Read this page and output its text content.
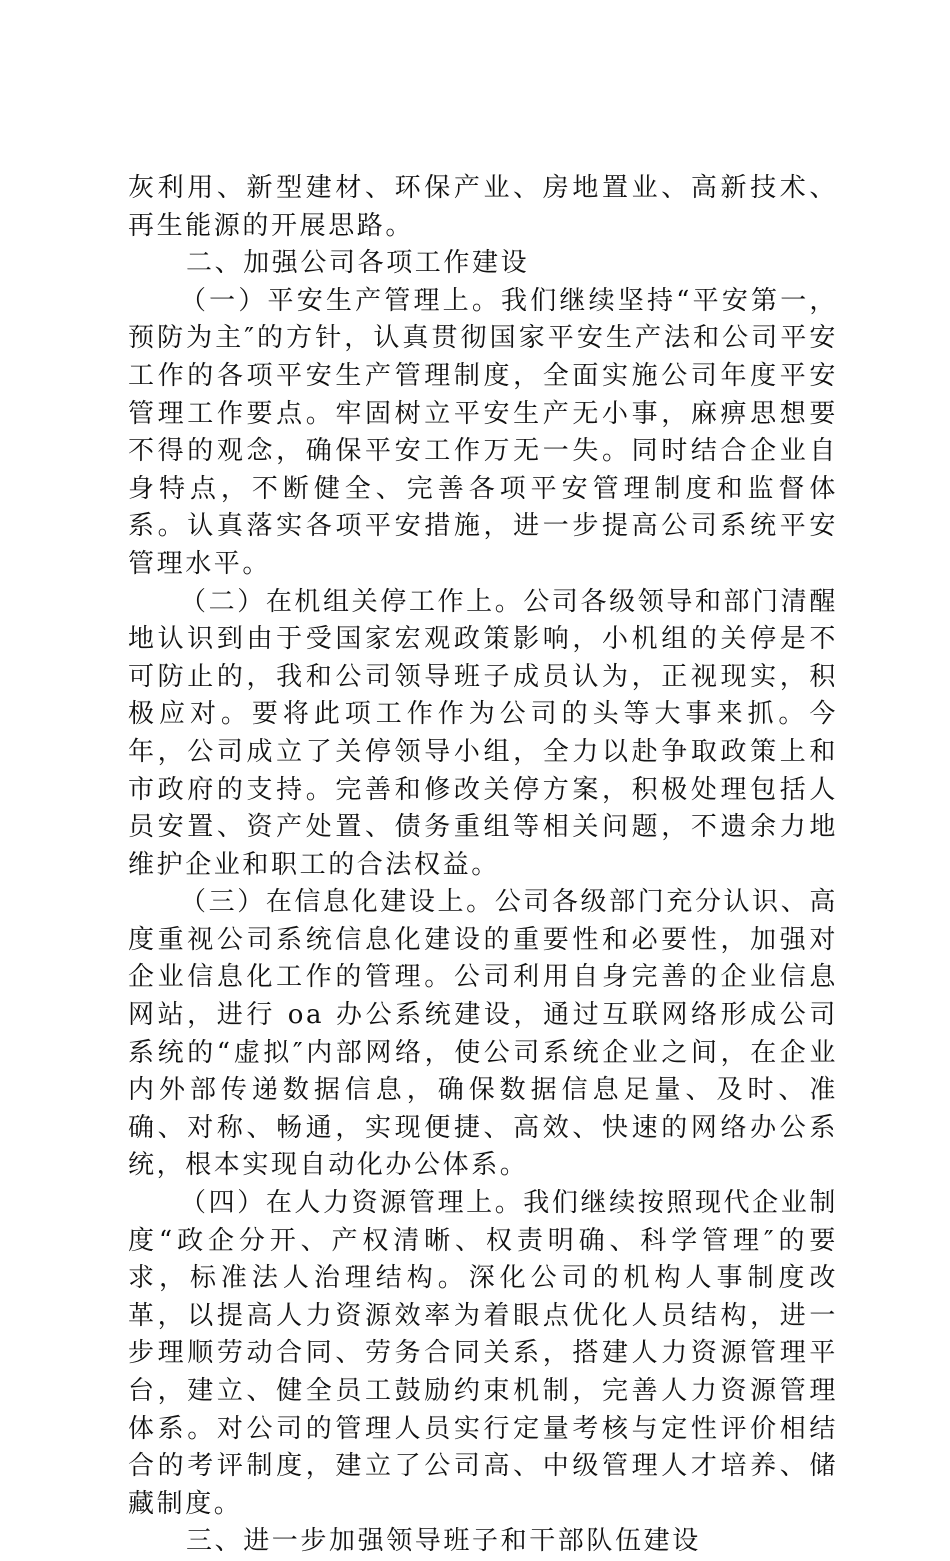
灰利用、新型建材、环保产业、房地置业、高新技术、再生能源的开展思路。

二、加强公司各项工作建设

（一）平安生产管理上。我们继续坚持“平安第一，预防为主″的方针，认真贯彻国家平安生产法和公司平安工作的各项平安生产管理制度，全面实施公司年度平安管理工作要点。牢固树立平安生产无小事，麻痹思想要不得的观念，确保平安工作万无一失。同时结合企业自身特点，不断健全、完善各项平安管理制度和监督体系。认真落实各项平安措施，进一步提高公司系统平安管理水平。

（二）在机组关停工作上。公司各级领导和部门清醒地认识到由于受国家宏观政策影响，小机组的关停是不可防止的，我和公司领导班子成员认为，正视现实，积极应对。要将此项工作作为公司的头等大事来抓。今年，公司成立了关停领导小组，全力以赴争取政策上和市政府的支持。完善和修改关停方案，积极处理包括人员安置、资产处置、债务重组等相关问题，不遗余力地维护企业和职工的合法权益。

（三）在信息化建设上。公司各级部门充分认识、高度重视公司系统信息化建设的重要性和必要性，加强对企业信息化工作的管理。公司利用自身完善的企业信息网站，进行 oa 办公系统建设，通过互联网络形成公司系统的“虚拟″内部网络，使公司系统企业之间，在企业内外部传递数据信息，确保数据信息足量、及时、准确、对称、畅通，实现便捷、高效、快速的网络办公系统，根本实现自动化办公体系。

（四）在人力资源管理上。我们继续按照现代企业制度“政企分开、产权清晰、权责明确、科学管理″的要求，标准法人治理结构。深化公司的机构人事制度改革，以提高人力资源效率为着眼点优化人员结构，进一步理顺劳动合同、劳务合同关系，搭建人力资源管理平台，建立、健全员工鼓励约束机制，完善人力资源管理体系。对公司的管理人员实行定量考核与定性评价相结合的考评制度，建立了公司高、中级管理人才培养、储藏制度。

三、进一步加强领导班子和干部队伍建设
